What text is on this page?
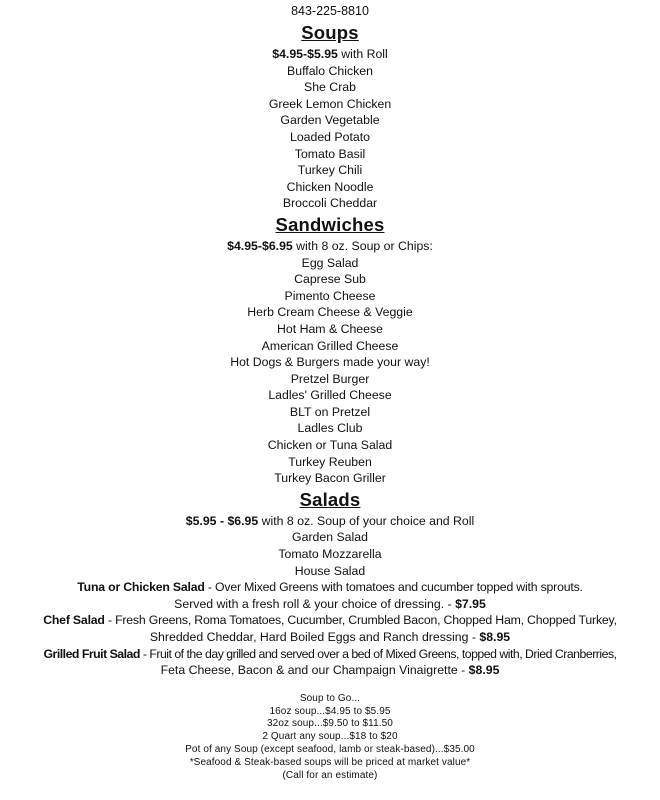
843-225-8810
Soups
$4.95-$5.95 with Roll
Buffalo Chicken
She Crab
Greek Lemon Chicken
Garden Vegetable
Loaded Potato
Tomato Basil
Turkey Chili
Chicken Noodle
Broccoli Cheddar
Sandwiches
$4.95-$6.95 with 8 oz. Soup or Chips:
Egg Salad
Caprese Sub
Pimento Cheese
Herb Cream Cheese & Veggie
Hot Ham & Cheese
American Grilled Cheese
Hot Dogs & Burgers made your way!
Pretzel Burger
Ladles' Grilled Cheese
BLT on Pretzel
Ladles Club
Chicken or Tuna Salad
Turkey Reuben
Turkey Bacon Griller
Salads
$5.95 - $6.95 with 8 oz. Soup of your choice and Roll
Garden Salad
Tomato Mozzarella
House Salad
Tuna or Chicken Salad - Over Mixed Greens with tomatoes and cucumber topped with sprouts.
Served with a fresh roll & your choice of dressing. - $7.95
Chef Salad - Fresh Greens, Roma Tomatoes, Cucumber, Crumbled Bacon, Chopped Ham, Chopped Turkey,
Shredded Cheddar, Hard Boiled Eggs and Ranch dressing - $8.95
Grilled Fruit Salad - Fruit of the day grilled and served over a bed of Mixed Greens, topped with, Dried Cranberries,
Feta Cheese, Bacon & and our Champaign Vinaigrette - $8.95
Soup to Go...
16oz soup...$4.95 to $5.95
32oz soup...$9.50 to $11.50
2 Quart any soup...$18 to $20
Pot of any Soup (except seafood, lamb or steak-based)...$35.00
*Seafood & Steak-based soups will be priced at market value*
(Call for an estimate)
